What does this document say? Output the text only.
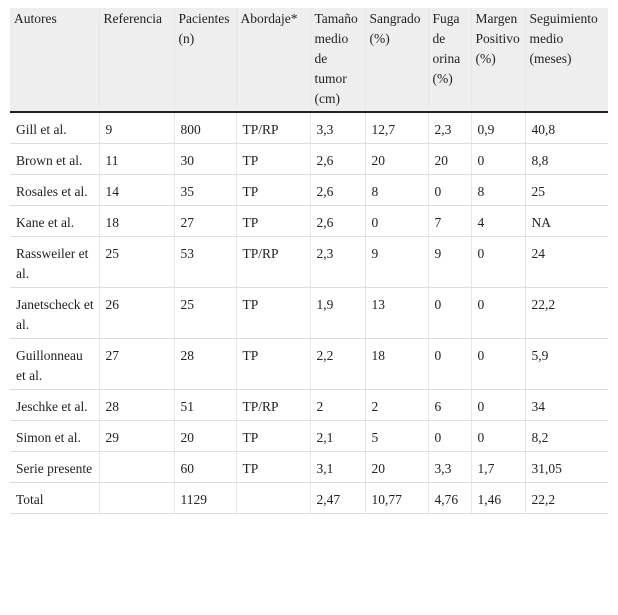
Autores	Referencia	Pacientes (n)	Abordaje*	Tamaño medio de tumor (cm)	Sangrado (%)	Fuga de orina (%)	Margen Positivo (%)	Seguimiento medio (meses)
Gill et al.	9	800	TP/RP	3,3	12,7	2,3	0,9	40,8
Brown et al.	11	30	TP	2,6	20	20	0	8,8
Rosales et al.	14	35	TP	2,6	8	0	8	25
Kane et al.	18	27	TP	2,6	0	7	4	NA
Rassweiler et al.	25	53	TP/RP	2,3	9	9	0	24
Janetscheck et al.	26	25	TP	1,9	13	0	0	22,2
Guillonneau et al.	27	28	TP	2,2	18	0	0	5,9
Jeschke et al.	28	51	TP/RP	2	2	6	0	34
Simon et al.	29	20	TP	2,1	5	0	0	8,2
Serie presente		60	TP	3,1	20	3,3	1,7	31,05
Total		1129		2,47	10,77	4,76	1,46	22,2
